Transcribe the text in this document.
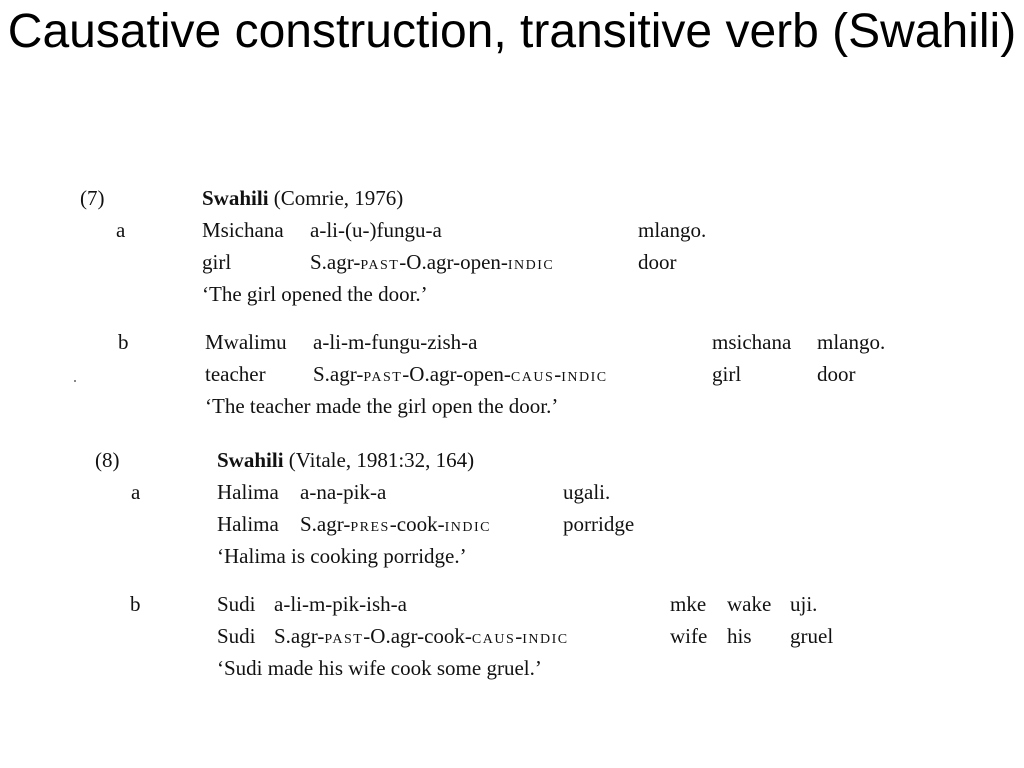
Causative construction, transitive verb (Swahili)
(7)	Swahili (Comrie, 1976)
a	Msichana a-li-(u-)fungu-a	mlango.
girl	S.agr-PAST-O.agr-open-INDIC	door
‘The girl opened the door.’
b	Mwalimu a-li-m-fungu-zish-a	msichana mlango.
teacher S.agr-PAST-O.agr-open-CAUS-INDIC	girl	door
‘The teacher made the girl open the door.’
(8)	Swahili (Vitale, 1981:32, 164)
a	Halima a-na-pik-a	ugali.
Halima S.agr-PRES-cook-INDIC	porridge
‘Halima is cooking porridge.’
b	Sudi a-li-m-pik-ish-a	mke wake uji.
Sudi S.agr-PAST-O.agr-cook-CAUS-INDIC	wife his gruel
‘Sudi made his wife cook some gruel.’
